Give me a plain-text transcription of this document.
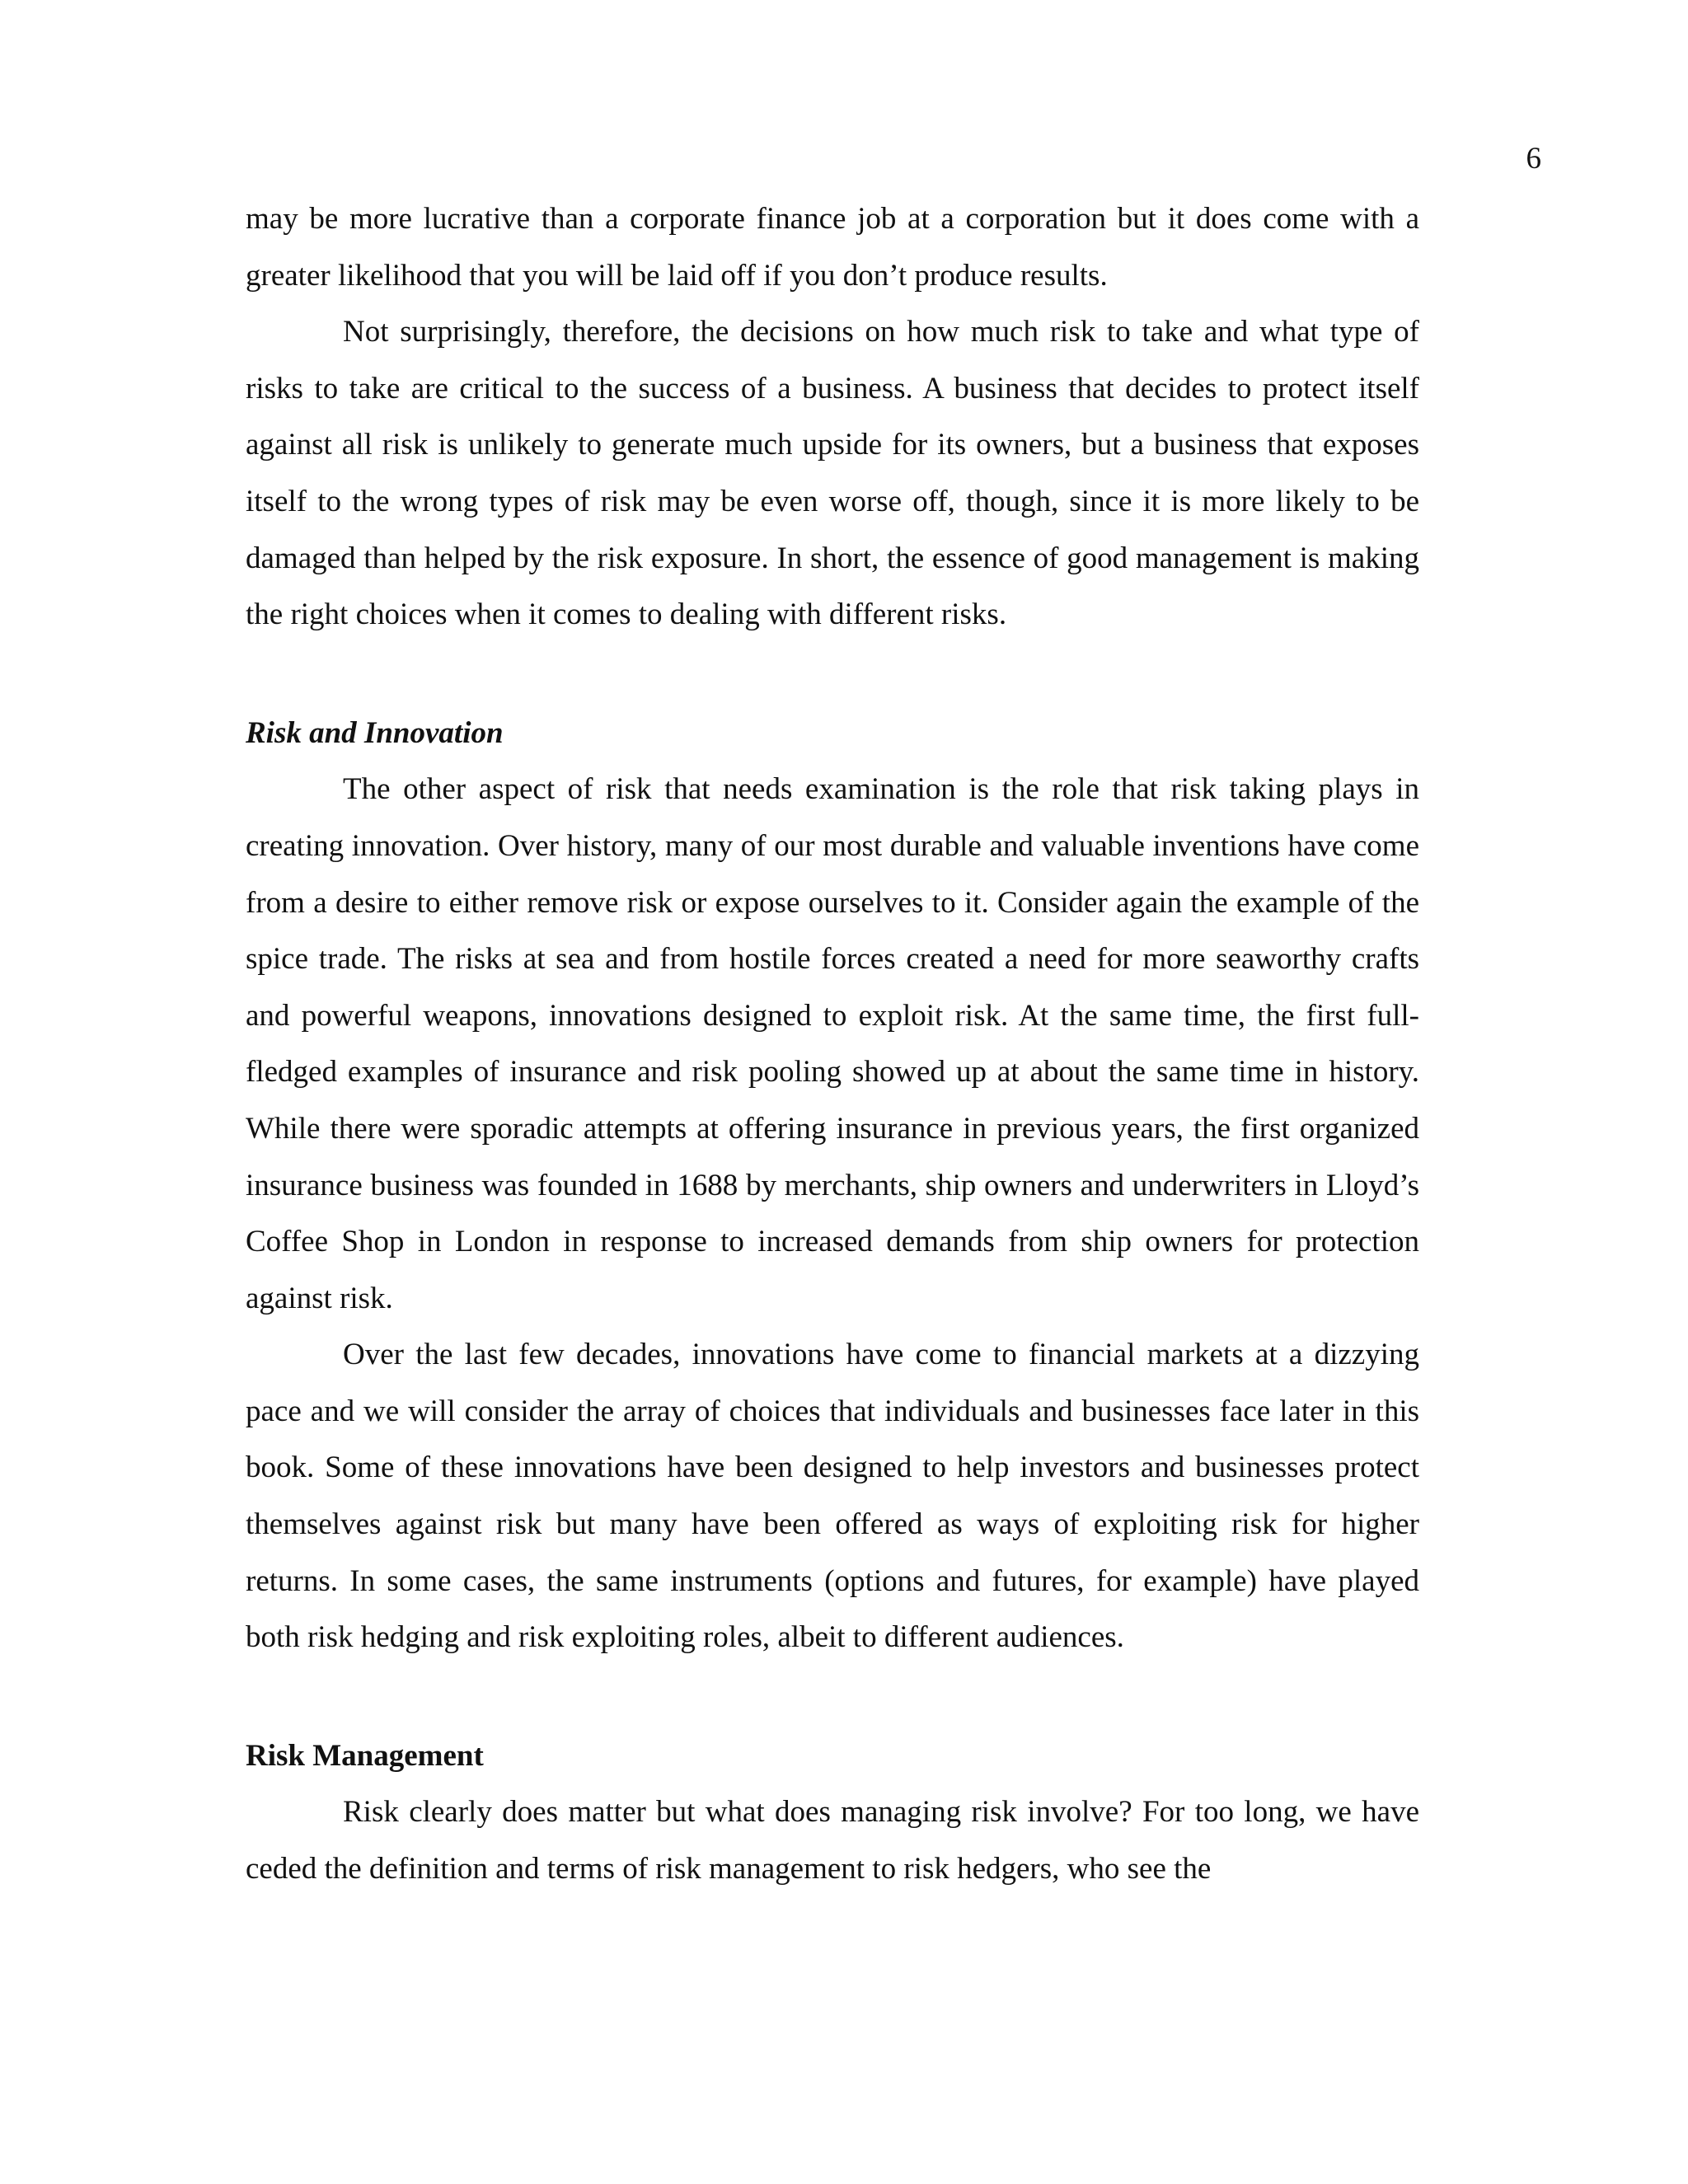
6

may be more lucrative than a corporate finance job at a corporation but it does come with a greater likelihood that you will be laid off if you don’t produce results.

Not surprisingly, therefore, the decisions on how much risk to take and what type of risks to take are critical to the success of a business. A business that decides to protect itself against all risk is unlikely to generate much upside for its owners, but a business that exposes itself to the wrong types of risk may be even worse off, though, since it is more likely to be damaged than helped by the risk exposure. In short, the essence of good management is making the right choices when it comes to dealing with different risks.

Risk and Innovation

The other aspect of risk that needs examination is the role that risk taking plays in creating innovation. Over history, many of our most durable and valuable inventions have come from a desire to either remove risk or expose ourselves to it. Consider again the example of the spice trade. The risks at sea and from hostile forces created a need for more seaworthy crafts and powerful weapons, innovations designed to exploit risk. At the same time, the first full-fledged examples of insurance and risk pooling showed up at about the same time in history. While there were sporadic attempts at offering insurance in previous years, the first organized insurance business was founded in 1688 by merchants, ship owners and underwriters in Lloyd’s Coffee Shop in London in response to increased demands from ship owners for protection against risk.

Over the last few decades, innovations have come to financial markets at a dizzying pace and we will consider the array of choices that individuals and businesses face later in this book. Some of these innovations have been designed to help investors and businesses protect themselves against risk but many have been offered as ways of exploiting risk for higher returns. In some cases, the same instruments (options and futures, for example) have played both risk hedging and risk exploiting roles, albeit to different audiences.

Risk Management

Risk clearly does matter but what does managing risk involve? For too long, we have ceded the definition and terms of risk management to risk hedgers, who see the
